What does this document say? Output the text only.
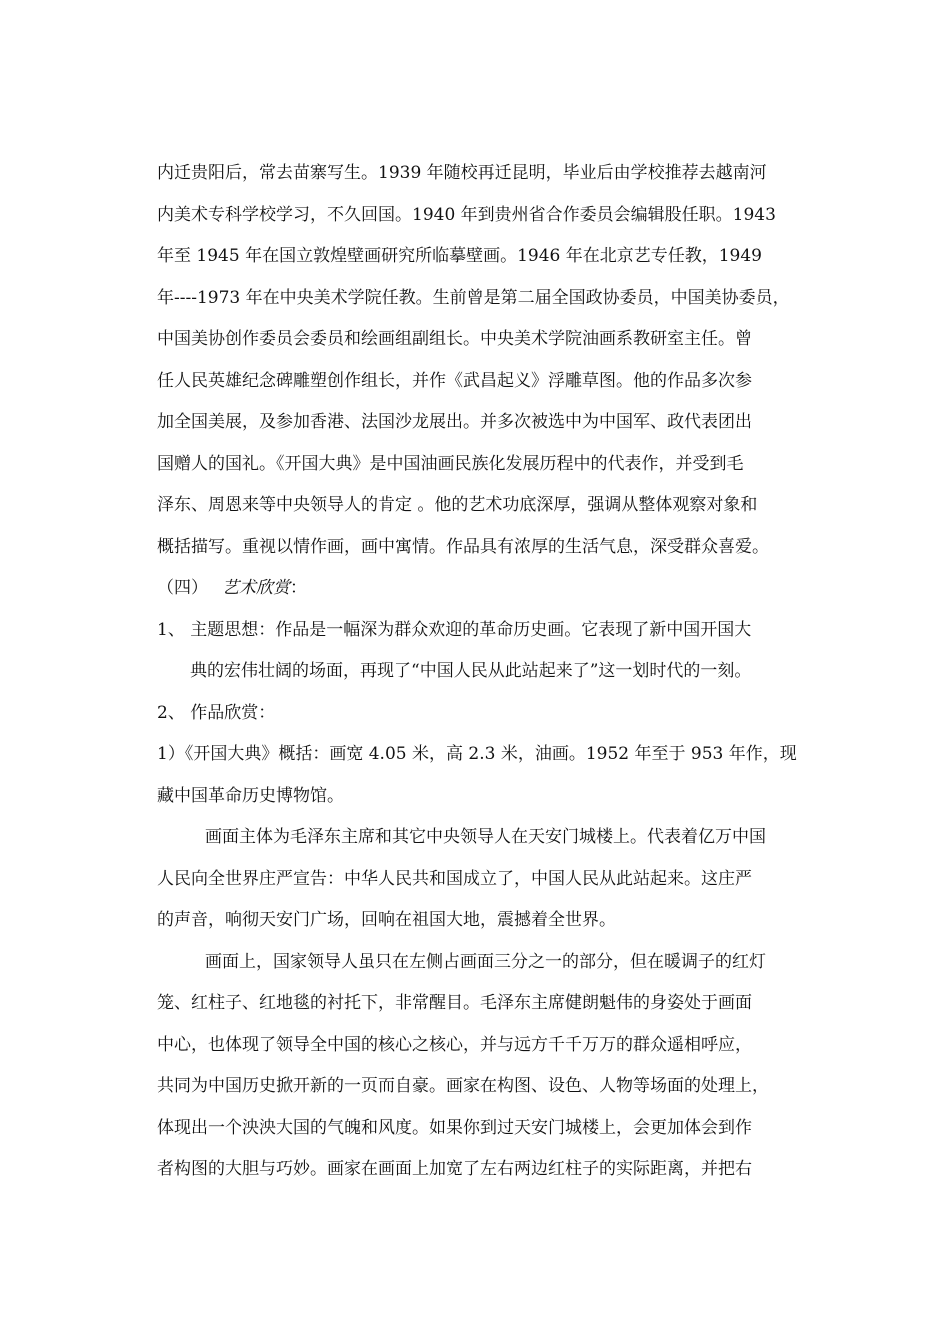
内迁贵阳后，常去苗寨写生。1939 年随校再迁昆明，毕业后由学校推荐去越南河
内美术专科学校学习，不久回国。1940 年到贵州省合作委员会编辑股任职。1943
年至 1945 年在国立敦煌壁画研究所临摹壁画。1946 年在北京艺专任教，1949
年----1973 年在中央美术学院任教。生前曾是第二届全国政协委员，中国美协委员，
中国美协创作委员会委员和绘画组副组长。中央美术学院油画系教研室主任。曾
任人民英雄纪念碑雕塑创作组长，并作《武昌起义》浮雕草图。他的作品多次参
加全国美展，及参加香港、法国沙龙展出。并多次被选中为中国军、政代表团出
国赠人的国礼。《开国大典》是中国油画民族化发展历程中的代表作，并受到毛
泽东、周恩来等中央领导人的肯定 。他的艺术功底深厚，强调从整体观察对象和
概括描写。重视以情作画，画中寓情。作品具有浓厚的生活气息，深受群众喜爱。
（四） 艺术欣赏：
1、 主题思想：作品是一幅深为群众欢迎的革命历史画。它表现了新中国开国大
典的宏伟壮阔的场面，再现了“中国人民从此站起来了”这一划时代的一刻。
2、 作品欣赏：
1）《开国大典》概括：画宽 4.05 米，高 2.3 米，油画。1952 年至于 953 年作，现
藏中国革命历史博物馆。
画面主体为毛泽东主席和其它中央领导人在天安门城楼上。代表着亿万中国
人民向全世界庄严宣告：中华人民共和国成立了，中国人民从此站起来。这庄严
的声音，响彻天安门广场，回响在祖国大地，震撼着全世界。
画面上，国家领导人虽只在左侧占画面三分之一的部分，但在暖调子的红灯
笼、红柱子、红地毯的衬托下，非常醒目。毛泽东主席健朗魁伟的身姿处于画面
中心，也体现了领导全中国的核心之核心，并与远方千千万万的群众遥相呼应，
共同为中国历史掀开新的一页而自豪。画家在构图、设色、人物等场面的处理上，
体现出一个泱泱大国的气魄和风度。如果你到过天安门城楼上，会更加体会到作
者构图的大胆与巧妙。画家在画面上加宽了左右两边红柱子的实际距离，并把右
